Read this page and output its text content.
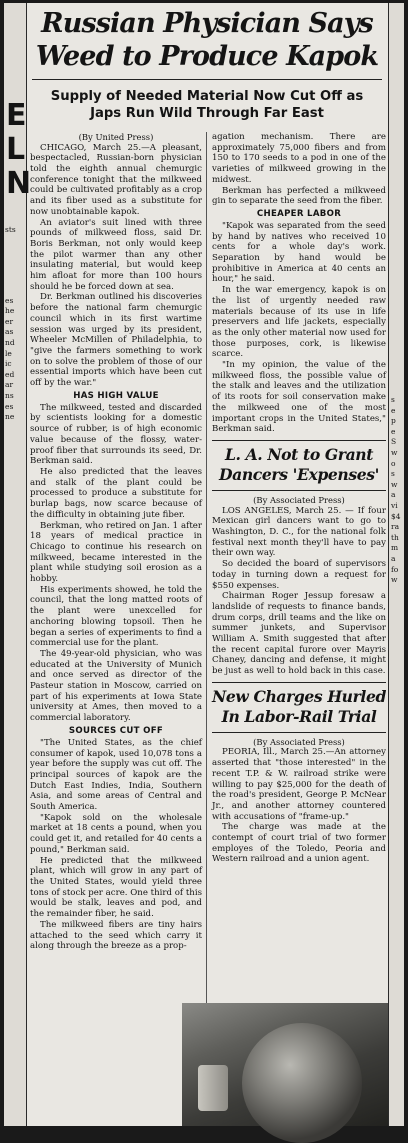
E
L
N
sts
es
he
er
as
nd
le
ic
ed
ar
ns
es
ne
s
e
p
e
S
w
o
s
w
a
vi
$4
ra
th
m
a
fo
w
Russian Physician Says
Weed to Produce Kapok
Supply of Needed Material Now Cut Off as
Japs Run Wild Through Far East
(By United Press)

CHICAGO, March 25.—A pleasant, bespectacled, Russian-born physician told the eighth annual chemurgic conference tonight that the milkweed could be cultivated profitably as a crop and its fiber used as a substitute for now unobtainable kapok.

An aviator's suit lined with three pounds of milkweed floss, said Dr. Boris Berkman, not only would keep the pilot warmer than any other insulating material, but would keep him afloat for more than 100 hours should he be forced down at sea.

Dr. Berkman outlined his discoveries before the national farm chemurgic council which in its first wartime session was urged by its president, Wheeler McMillen of Philadelphia, to "give the farmers something to work on to solve the problem of those of our essential imports which have been cut off by the war."

HAS HIGH VALUE

The milkweed, tested and discarded by scientists looking for a domestic source of rubber, is of high economic value because of the flossy, water-proof fiber that surrounds its seed, Dr. Berkman said.

He also predicted that the leaves and stalk of the plant could be processed to produce a substitute for burlap bags, now scarce because of the difficulty in obtaining jute fiber.

Berkman, who retired on Jan. 1 after 18 years of medical practice in Chicago to continue his research on milkweed, became interested in the plant while studying soil erosion as a hobby.

His experiments showed, he told the council, that the long matted roots of the plant were unexcelled for anchoring blowing topsoil. Then he began a series of experiments to find a commercial use for the plant.

The 49-year-old physician, who was educated at the University of Munich and once served as director of the Pasteur station in Moscow, carried on part of his experiments at Iowa State university at Ames, then moved to a commercial laboratory.

SOURCES CUT OFF

"The United States, as the chief consumer of kapok, used 10,078 tons a year before the supply was cut off. The principal sources of kapok are the Dutch East Indies, India, Southern Asia, and some areas of Central and South America.

"Kapok sold on the wholesale market at 18 cents a pound, when you could get it, and retailed for 40 cents a pound," Berkman said.

He predicted that the milkweed plant, which will grow in any part of the United States, would yield three tons of stock per acre. One third of this would be stalk, leaves and pod, and the remainder fiber, he said.

The milkweed fibers are tiny hairs attached to the seed which carry it along through the breeze as a prop-

agation mechanism. There are approximately 75,000 fibers and from 150 to 170 seeds to a pod in one of the varieties of milkweed growing in the midwest.

Berkman has perfected a milkweed gin to separate the seed from the fiber.

CHEAPER LABOR

"Kapok was separated from the seed by hand by natives who received 10 cents for a whole day's work. Separation by hand would be prohibitive in America at 40 cents an hour," he said.

In the war emergency, kapok is on the list of urgently needed raw materials because of its use in life preservers and life jackets, especially as the only other material now used for those purposes, cork, is likewise scarce.

"In my opinion, the value of the milkweed floss, the possible value of the stalk and leaves and the utilization of its roots for soil conservation make the milkweed one of the most important crops in the United States," Berkman said.

L. A. Not to Grant
Dancers 'Expenses'
(By Associated Press)

LOS ANGELES, March 25. — If four Mexican girl dancers want to go to Washington, D. C., for the national folk festival next month they'll have to pay their own way.

So decided the board of supervisors today in turning down a request for $550 expenses.

Chairman Roger Jessup foresaw a landslide of requests to finance bands, drum corps, drill teams and the like on summer junkets, and Supervisor William A. Smith suggested that after the recent capital furore over Mayris Chaney, dancing and defense, it might be just as well to hold back in this case.

New Charges Hurled
In Labor-Rail Trial
(By Associated Press)

PEORIA, Ill., March 25.—An attorney asserted that "those interested" in the recent T.P. & W. railroad strike were willing to pay $25,000 for the death of the road's president, George P. McNear Jr., and another attorney countered with accusations of "frame-up."

The charge was made at the contempt of court trial of two former employes of the Toledo, Peoria and Western railroad and a union agent.
